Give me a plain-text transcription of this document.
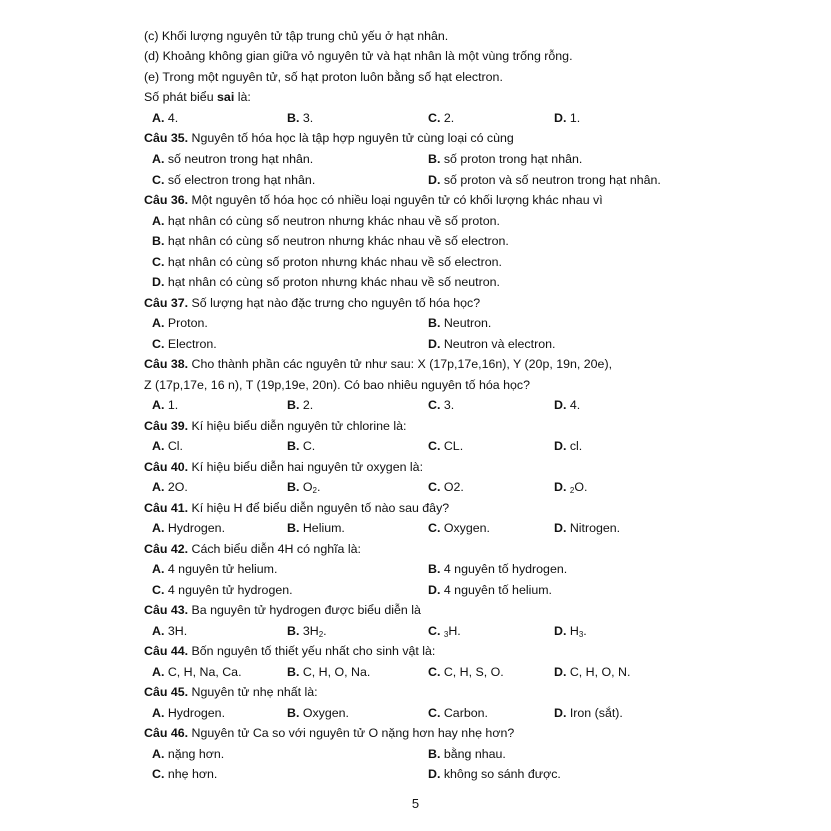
(c) Khối lượng nguyên tử tập trung chủ yếu ở hạt nhân.
(d) Khoảng không gian giữa vỏ nguyên tử và hạt nhân là một vùng trống rỗng.
(e) Trong một nguyên tử, số hạt proton luôn bằng số hạt electron.
Số phát biểu sai là:
A. 4.	B. 3.	C. 2.	D. 1.
Câu 35. Nguyên tố hóa học là tập hợp nguyên tử cùng loại có cùng
A. số neutron trong hạt nhân.	B. số proton trong hạt nhân.
C. số electron trong hạt nhân.	D. số proton và số neutron trong hạt nhân.
Câu 36. Một nguyên tố hóa học có nhiều loại nguyên tử có khối lượng khác nhau vì
A. hạt nhân có cùng số neutron nhưng khác nhau về số proton.
B. hạt nhân có cùng số neutron nhưng khác nhau về số electron.
C. hạt nhân có cùng số proton nhưng khác nhau về số electron.
D. hạt nhân có cùng số proton nhưng khác nhau về số neutron.
Câu 37. Số lượng hạt nào đặc trưng cho nguyên tố hóa học?
A. Proton.	B. Neutron.
C. Electron.	D. Neutron và electron.
Câu 38. Cho thành phần các nguyên tử như sau: X (17p,17e,16n), Y (20p, 19n, 20e),
Z (17p,17e, 16 n), T (19p,19e, 20n). Có bao nhiêu nguyên tố hóa học?
A. 1.	B. 2.	C. 3.	D. 4.
Câu 39. Kí hiệu biểu diễn nguyên tử chlorine là:
A. Cl.	B. C.	C. CL.	D. cl.
Câu 40. Kí hiệu biểu diễn hai nguyên tử oxygen là:
A. 2O.	B. $O_2$.	C. O2.	D. $_2$O.
Câu 41. Kí hiệu H để biểu diễn nguyên tố nào sau đây?
A. Hydrogen.	B. Helium.	C. Oxygen.	D. Nitrogen.
Câu 42. Cách biểu diễn 4H có nghĩa là:
A. 4 nguyên tử helium.	B. 4 nguyên tố hydrogen.
C. 4 nguyên tử hydrogen.	D. 4 nguyên tố helium.
Câu 43. Ba nguyên tử hydrogen được biểu diễn là
A. 3H.	B. $3H_2$.	C. $_3$H.	D. $H_3$.
Câu 44. Bốn nguyên tố thiết yếu nhất cho sinh vật là:
A. C, H, Na, Ca.	B. C, H, O, Na.	C. C, H, S, O.	D. C, H, O, N.
Câu 45. Nguyên tử nhẹ nhất là:
A. Hydrogen.	B. Oxygen.	C. Carbon.	D. Iron (sắt).
Câu 46. Nguyên tử Ca so với nguyên tử O nặng hơn hay nhẹ hơn?
A. nặng hơn.	B. bằng nhau.
C. nhẹ hơn.	D. không so sánh được.
5
